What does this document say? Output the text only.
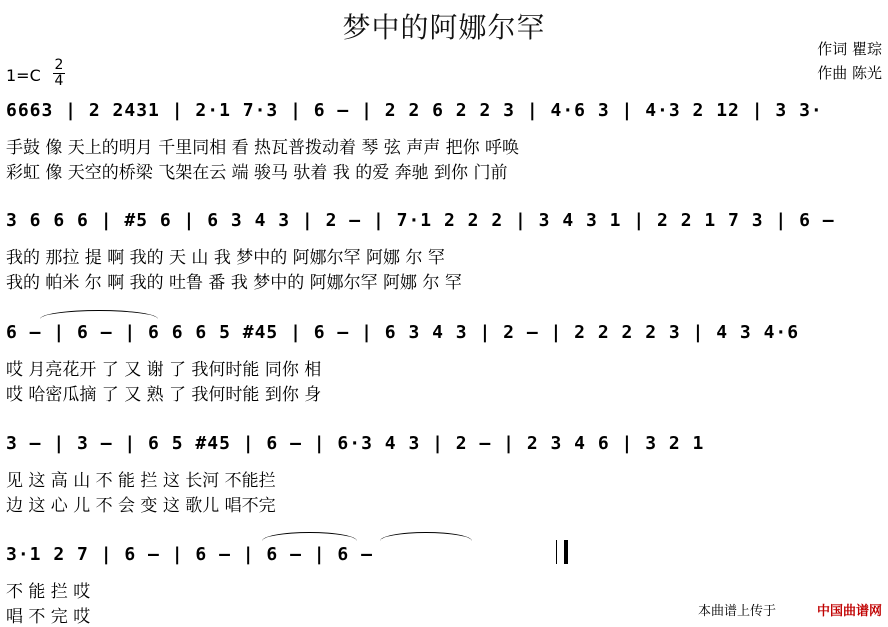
梦中的阿娜尔罕
作词 瞿琮
作曲 陈光
1=C
2
4
6663 | 2 2431 | 2·1 7·3 | 6 – | 2 2 6 2 2 3 | 4·6 3 | 4·3 2 12 | 3 3·
手鼓 像 天上的明月 千里同相 看 热瓦普拨动着 琴 弦 声声 把你 呼唤
彩虹 像 天空的桥梁 飞架在云 端 骏马 驮着 我 的爱 奔驰 到你 门前
3 6 6 6 | #5 6 | 6 3 4 3 | 2 – | 7·1 2 2 2 | 3 4 3 1 | 2 2 1 7 3 | 6 –
我的 那拉 提 啊 我的 天 山 我 梦中的 阿娜尔罕 阿娜 尔 罕
我的 帕米 尔 啊 我的 吐鲁 番 我 梦中的 阿娜尔罕 阿娜 尔 罕
6 – | 6 – | 6 6 6 5 #45 | 6 – | 6 3 4 3 | 2 – | 2 2 2 2 3 | 4 3 4·6
哎 月亮花开 了 又 谢 了 我何时能 同你 相
哎 哈密瓜摘 了 又 熟 了 我何时能 到你 身
3 – | 3 – | 6 5 #45 | 6 – | 6·3 4 3 | 2 – | 2 3 4 6 | 3 2 1
见 这 高 山 不 能 拦 这 长河 不能拦
边 这 心 儿 不 会 变 这 歌儿 唱不完
3·1 2 7 | 6 – | 6 – | 6 – | 6 –
不 能 拦 哎
唱 不 完 哎	本曲谱上传于	中国曲谱网
